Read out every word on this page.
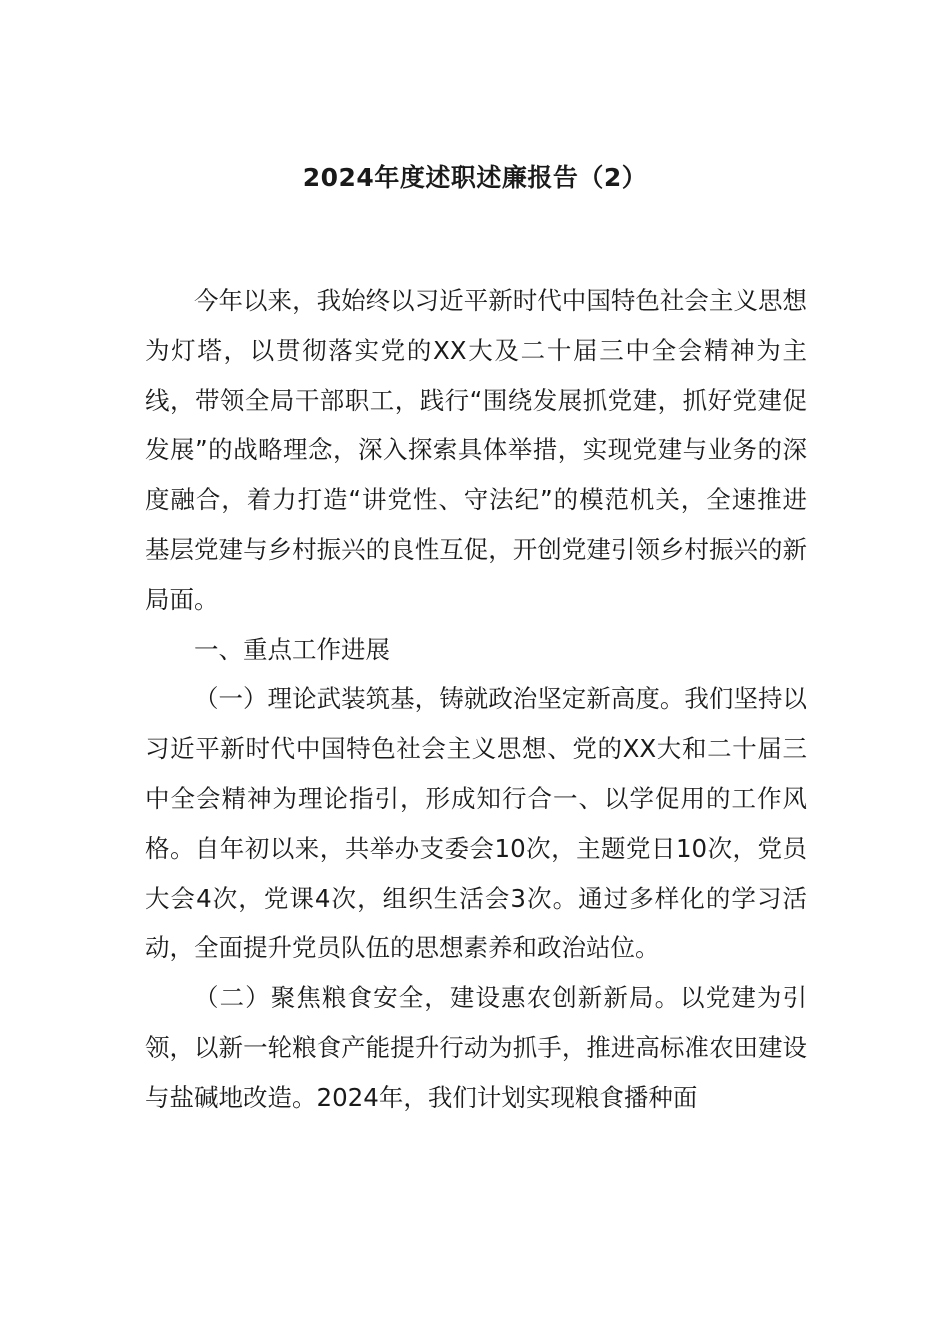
2024年度述职述廉报告（2）

今年以来，我始终以习近平新时代中国特色社会主义思想为灯塔，以贯彻落实党的XX大及二十届三中全会精神为主线，带领全局干部职工，践行“围绕发展抓党建，抓好党建促发展”的战略理念，深入探索具体举措，实现党建与业务的深度融合，着力打造“讲党性、守法纪”的模范机关，全速推进基层党建与乡村振兴的良性互促，开创党建引领乡村振兴的新局面。

一、重点工作进展

（一）理论武装筑基，铸就政治坚定新高度。我们坚持以习近平新时代中国特色社会主义思想、党的XX大和二十届三中全会精神为理论指引，形成知行合一、以学促用的工作风格。自年初以来，共举办支委会10次，主题党日10次，党员大会4次，党课4次，组织生活会3次。通过多样化的学习活动，全面提升党员队伍的思想素养和政治站位。

（二）聚焦粮食安全，建设惠农创新新局。以党建为引领，以新一轮粮食产能提升行动为抓手，推进高标准农田建设与盐碱地改造。2024年，我们计划实现粮食播种面
